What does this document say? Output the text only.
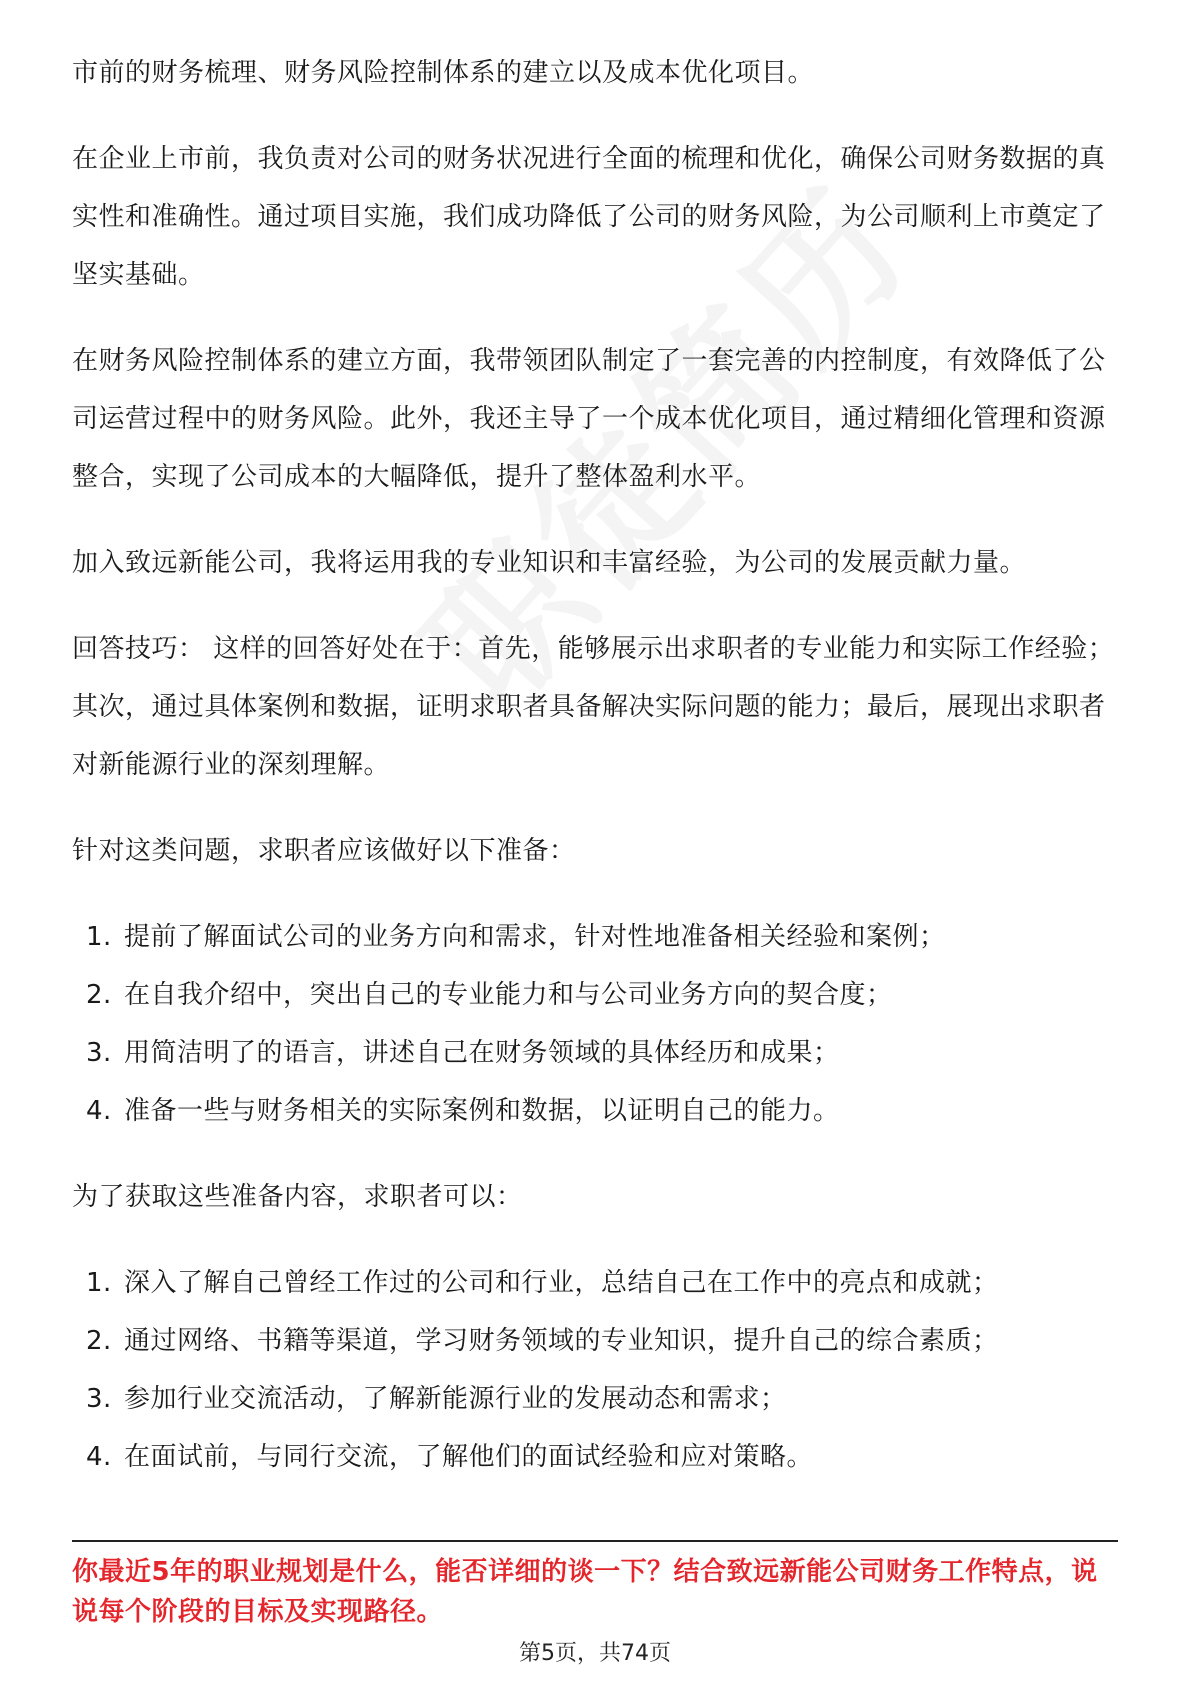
市前的财务梳理、财务风险控制体系的建立以及成本优化项目。

在企业上市前，我负责对公司的财务状况进行全面的梳理和优化，确保公司财务数据的真实性和准确性。通过项目实施，我们成功降低了公司的财务风险，为公司顺利上市奠定了坚实基础。

在财务风险控制体系的建立方面，我带领团队制定了一套完善的内控制度，有效降低了公司运营过程中的财务风险。此外，我还主导了一个成本优化项目，通过精细化管理和资源整合，实现了公司成本的大幅降低，提升了整体盈利水平。

加入致远新能公司，我将运用我的专业知识和丰富经验，为公司的发展贡献力量。

回答技巧： 这样的回答好处在于：首先，能够展示出求职者的专业能力和实际工作经验；其次，通过具体案例和数据，证明求职者具备解决实际问题的能力；最后，展现出求职者对新能源行业的深刻理解。

针对这类问题，求职者应该做好以下准备：

1. 提前了解面试公司的业务方向和需求，针对性地准备相关经验和案例；
2. 在自我介绍中，突出自己的专业能力和与公司业务方向的契合度；
3. 用简洁明了的语言，讲述自己在财务领域的具体经历和成果；
4. 准备一些与财务相关的实际案例和数据，以证明自己的能力。

为了获取这些准备内容，求职者可以：

1. 深入了解自己曾经工作过的公司和行业，总结自己在工作中的亮点和成就；
2. 通过网络、书籍等渠道，学习财务领域的专业知识，提升自己的综合素质；
3. 参加行业交流活动，了解新能源行业的发展动态和需求；
4. 在面试前，与同行交流，了解他们的面试经验和应对策略。
你最近5年的职业规划是什么，能否详细的谈一下？结合致远新能公司财务工作特点，说说每个阶段的目标及实现路径。
第5页，共74页
